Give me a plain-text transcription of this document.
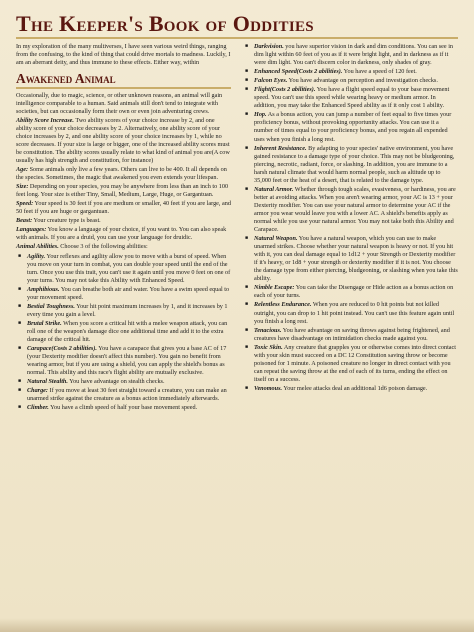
The Keeper's Book of Oddities

In my exploration of the many multiverses, I have seen various weird things, ranging from the confusing, to the kind of thing that could drive mortals to madness. Luckily, I am an aberrant deity, and thus immune to these effects. Either way, within

Awakened Animal

Occasionally, due to magic, science, or other unknown reasons, an animal will gain intelligence comparable to a human. Said animals still don't tend to integrate with societies, but can occasionally form their own or even join adventuring crews.

Ability Score Increase. Two ability scores of your choice increase by 2, and one ability score of your choice decreases by 2. Alternatively, one ability score of your choice increases by 2, and one ability score of your choice increases by 1, while no score decreases. If your size is large or bigger, one of the increased ability scores must be constitution. The ability scores usually relate to what kind of animal you are(A cow usually has high strength and constitution, for instance)

Age: Some animals only live a few years. Others can live to be 400. It all depends on the species. Sometimes, the magic that awakened you even extends your lifespan.

Size: Depending on your species, you may be anywhere from less than an inch to 100 feet long. Your size is either Tiny, Small, Medium, Large, Huge, or Gargantuan.

Speed: Your speed is 30 feet if you are medium or smaller, 40 feet if you are large, and 50 feet if you are huge or gargantuan.

Beast: Your creature type is beast.

Languages: You know a language of your choice, if you want to. You can also speak with animals. If you are a druid, you can use your language for druidic.

Animal Abilities. Choose 3 of the following abilities:

■ Agility. Your reflexes and agility allow you to move with a burst of speed. When you move on your turn in combat, you can double your speed until the end of the turn. Once you use this trait, you can't use it again until you move 0 feet on one of your turns. You may not take this Ability with Enhanced Speed.
■ Amphibious. You can breathe both air and water. You have a swim speed equal to your movement speed.
■ Bestial Toughness. Your hit point maximum increases by 1, and it increases by 1 every time you gain a level.
■ Brutal Strike. When you score a critical hit with a melee weapon attack, you can roll one of the weapon's damage dice one additional time and add it to the extra damage of the critical hit.
■ Carapace(Costs 2 abilities). You have a carapace that gives you a base AC of 17 (your Dexterity modifier doesn't affect this number). You gain no benefit from wearing armor, but if you are using a shield, you can apply the shield's bonus as normal. This ability and this race's flight ability are mutually exclusive.
■ Natural Stealth. You have advantage on stealth checks.
■ Charge: If you move at least 30 feet straight toward a creature, you can make an unarmed strike against the creature as a bonus action immediately afterwards.
■ Climber. You have a climb speed of half your base movement speed.
■ Darkvision. you have superior vision in dark and dim conditions. You can see in dim light within 60 feet of you as if it were bright light, and in darkness as if it were dim light. You can't discern color in darkness, only shades of gray.
■ Enhanced Speed(Costs 2 abilities). You have a speed of 120 feet.
■ Falcon Eyes. You have advantage on perception and investigation checks.
■ Flight(Costs 2 abilities). You have a flight speed equal to your base movement speed. You can't use this speed while wearing heavy or medium armor. In addition, you may take the Enhanced Speed ability as if it only cost 1 ability.
■ Hop. As a bonus action, you can jump a number of feet equal to five times your proficiency bonus, without provoking opportunity attacks. You can use it a number of times equal to your proficiency bonus, and you regain all expended uses when you finish a long rest.
■ Inherent Resistance. By adapting to your species' native environment, you have gained resistance to a damage type of your choice. This may not be bludgeoning, piercing, necrotic, radiant, force, or slashing. In addition, you are immune to a harsh natural climate that would harm normal people, such as altitude up to 35,000 feet or the heat of a desert, that is related to the damage type.
■ Natural Armor. Whether through tough scales, evasiveness, or hardiness, you are better at avoiding attacks. When you aren't wearing armor, your AC is 13 + your Dexterity modifier. You can use your natural armor to determine your AC if the armor you wear would leave you with a lower AC. A shield's benefits apply as normal while you use your natural armor. You may not take both this Ability and Carapace.
■ Natural Weapon. You have a natural weapon, which you can use to make unarmed strikes. Choose whether your natural weapon is heavy or not. If you hit with it, you can deal damage equal to 1d12 + your Strength or Dexterity modifier if it's heavy, or 1d8 + your strength or dexterity modifier if it is not. You choose the damage type from either piercing, bludgeoning, or slashing when you take this ability.
■ Nimble Escape: You can take the Disengage or Hide action as a bonus action on each of your turns.
■ Relentless Endurance. When you are reduced to 0 hit points but not killed outright, you can drop to 1 hit point instead. You can't use this feature again until you finish a long rest.
■ Tenacious. You have advantage on saving throws against being frightened, and creatures have disadvantage on intimidation checks made against you.
■ Toxic Skin. Any creature that grapples you or otherwise comes into direct contact with your skin must succeed on a DC 12 Constitution saving throw or become poisoned for 1 minute. A poisoned creature no longer in direct contact with you can repeat the saving throw at the end of each of its turns, ending the effect on itself on a success.
■ Venomous. Your melee attacks deal an additional 1d6 poison damage.
